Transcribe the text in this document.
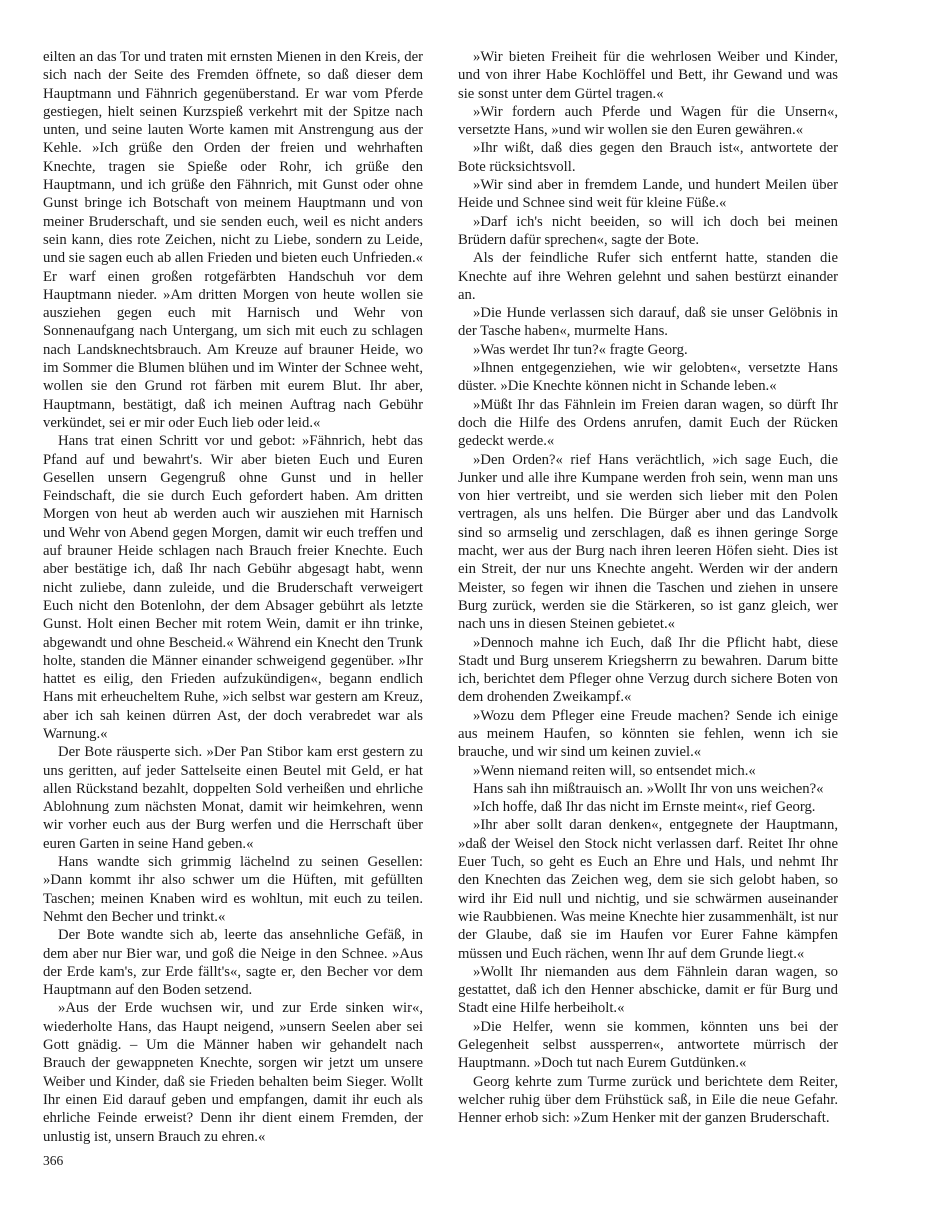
eilten an das Tor und traten mit ernsten Mienen in den Kreis, der sich nach der Seite des Fremden öffnete, so daß dieser dem Hauptmann und Fähnrich gegenüberstand. Er war vom Pferde gestiegen, hielt seinen Kurzspieß verkehrt mit der Spitze nach unten, und seine lauten Worte kamen mit Anstrengung aus der Kehle. »Ich grüße den Orden der freien und wehrhaften Knechte, tragen sie Spieße oder Rohr, ich grüße den Hauptmann, und ich grüße den Fähnrich, mit Gunst oder ohne Gunst bringe ich Botschaft von meinem Hauptmann und von meiner Bruderschaft, und sie senden euch, weil es nicht anders sein kann, dies rote Zeichen, nicht zu Liebe, sondern zu Leide, und sie sagen euch ab allen Frieden und bieten euch Unfrieden.« Er warf einen großen rotgefärbten Handschuh vor dem Hauptmann nieder. »Am dritten Morgen von heute wollen sie ausziehen gegen euch mit Harnisch und Wehr von Sonnenaufgang nach Untergang, um sich mit euch zu schlagen nach Landsknechtsbrauch. Am Kreuze auf brauner Heide, wo im Sommer die Blumen blühen und im Winter der Schnee weht, wollen sie den Grund rot färben mit eurem Blut. Ihr aber, Hauptmann, bestätigt, daß ich meinen Auftrag nach Gebühr verkündet, sei er mir oder Euch lieb oder leid.«

Hans trat einen Schritt vor und gebot: »Fähnrich, hebt das Pfand auf und bewahrt's. Wir aber bieten Euch und Euren Gesellen unsern Gegengruß ohne Gunst und in heller Feindschaft, die sie durch Euch gefordert haben. Am dritten Morgen von heut ab werden auch wir ausziehen mit Harnisch und Wehr von Abend gegen Morgen, damit wir euch treffen und auf brauner Heide schlagen nach Brauch freier Knechte. Euch aber bestätige ich, daß Ihr nach Gebühr abgesagt habt, wenn nicht zuliebe, dann zuleide, und die Bruderschaft verweigert Euch nicht den Botenlohn, der dem Absager gebührt als letzte Gunst. Holt einen Becher mit rotem Wein, damit er ihn trinke, abgewandt und ohne Bescheid.« Während ein Knecht den Trunk holte, standen die Männer einander schweigend gegenüber. »Ihr hattet es eilig, den Frieden aufzukündigen«, begann endlich Hans mit erheucheltem Ruhe, »ich selbst war gestern am Kreuz, aber ich sah keinen dürren Ast, der doch verabredet war als Warnung.«

Der Bote räusperte sich. »Der Pan Stibor kam erst gestern zu uns geritten, auf jeder Sattelseite einen Beutel mit Geld, er hat allen Rückstand bezahlt, doppelten Sold verheißen und ehrliche Ablohnung zum nächsten Monat, damit wir heimkehren, wenn wir vorher euch aus der Burg werfen und die Herrschaft über euren Garten in seine Hand geben.«

Hans wandte sich grimmig lächelnd zu seinen Gesellen: »Dann kommt ihr also schwer um die Hüften, mit gefüllten Taschen; meinen Knaben wird es wohltun, mit euch zu teilen. Nehmt den Becher und trinkt.«

Der Bote wandte sich ab, leerte das ansehnliche Gefäß, in dem aber nur Bier war, und goß die Neige in den Schnee. »Aus der Erde kam's, zur Erde fällt's«, sagte er, den Becher vor dem Hauptmann auf den Boden setzend.

»Aus der Erde wuchsen wir, und zur Erde sinken wir«, wiederholte Hans, das Haupt neigend, »unsern Seelen aber sei Gott gnädig. – Um die Männer haben wir gehandelt nach Brauch der gewappneten Knechte, sorgen wir jetzt um unsere Weiber und Kinder, daß sie Frieden behalten beim Sieger. Wollt Ihr einen Eid darauf geben und empfangen, damit ihr euch als ehrliche Feinde erweist? Denn ihr dient einem Fremden, der unlustig ist, unsern Brauch zu ehren.«

»Wir bieten Freiheit für die wehrlosen Weiber und Kinder, und von ihrer Habe Kochlöffel und Bett, ihr Gewand und was sie sonst unter dem Gürtel tragen.«

»Wir fordern auch Pferde und Wagen für die Unsern«, versetzte Hans, »und wir wollen sie den Euren gewähren.«

»Ihr wißt, daß dies gegen den Brauch ist«, antwortete der Bote rücksichtsvoll.

»Wir sind aber in fremdem Lande, und hundert Meilen über Heide und Schnee sind weit für kleine Füße.«

»Darf ich's nicht beeiden, so will ich doch bei meinen Brüdern dafür sprechen«, sagte der Bote.

Als der feindliche Rufer sich entfernt hatte, standen die Knechte auf ihre Wehren gelehnt und sahen bestürzt einander an.

»Die Hunde verlassen sich darauf, daß sie unser Gelöbnis in der Tasche haben«, murmelte Hans.

»Was werdet Ihr tun?« fragte Georg.

»Ihnen entgegenziehen, wie wir gelobten«, versetzte Hans düster. »Die Knechte können nicht in Schande leben.«

»Müßt Ihr das Fähnlein im Freien daran wagen, so dürft Ihr doch die Hilfe des Ordens anrufen, damit Euch der Rücken gedeckt werde.«

»Den Orden?« rief Hans verächtlich, »ich sage Euch, die Junker und alle ihre Kumpane werden froh sein, wenn man uns von hier vertreibt, und sie werden sich lieber mit den Polen vertragen, als uns helfen. Die Bürger aber und das Landvolk sind so armselig und zerschlagen, daß es ihnen geringe Sorge macht, wer aus der Burg nach ihren leeren Höfen sieht. Dies ist ein Streit, der nur uns Knechte angeht. Werden wir der andern Meister, so fegen wir ihnen die Taschen und ziehen in unsere Burg zurück, werden sie die Stärkeren, so ist ganz gleich, wer nach uns in diesen Steinen gebietet.«

»Dennoch mahne ich Euch, daß Ihr die Pflicht habt, diese Stadt und Burg unserem Kriegsherrn zu bewahren. Darum bitte ich, berichtet dem Pfleger ohne Verzug durch sichere Boten von dem drohenden Zweikampf.«

»Wozu dem Pfleger eine Freude machen? Sende ich einige aus meinem Haufen, so könnten sie fehlen, wenn ich sie brauche, und wir sind um keinen zuviel.«

»Wenn niemand reiten will, so entsendet mich.«

Hans sah ihn mißtrauisch an. »Wollt Ihr von uns weichen?«

»Ich hoffe, daß Ihr das nicht im Ernste meint«, rief Georg.

»Ihr aber sollt daran denken«, entgegnete der Hauptmann, »daß der Weisel den Stock nicht verlassen darf. Reitet Ihr ohne Euer Tuch, so geht es Euch an Ehre und Hals, und nehmt Ihr den Knechten das Zeichen weg, dem sie sich gelobt haben, so wird ihr Eid null und nichtig, und sie schwärmen auseinander wie Raubbienen. Was meine Knechte hier zusammenhält, ist nur der Glaube, daß sie im Haufen vor Eurer Fahne kämpfen müssen und Euch rächen, wenn Ihr auf dem Grunde liegt.«

»Wollt Ihr niemanden aus dem Fähnlein daran wagen, so gestattet, daß ich den Henner abschicke, damit er für Burg und Stadt eine Hilfe herbeiholt.«

»Die Helfer, wenn sie kommen, könnten uns bei der Gelegenheit selbst aussperren«, antwortete mürrisch der Hauptmann. »Doch tut nach Eurem Gutdünken.«

Georg kehrte zum Turme zurück und berichtete dem Reiter, welcher ruhig über dem Frühstück saß, in Eile die neue Gefahr. Henner erhob sich: »Zum Henker mit der ganzen Bruderschaft.

366
